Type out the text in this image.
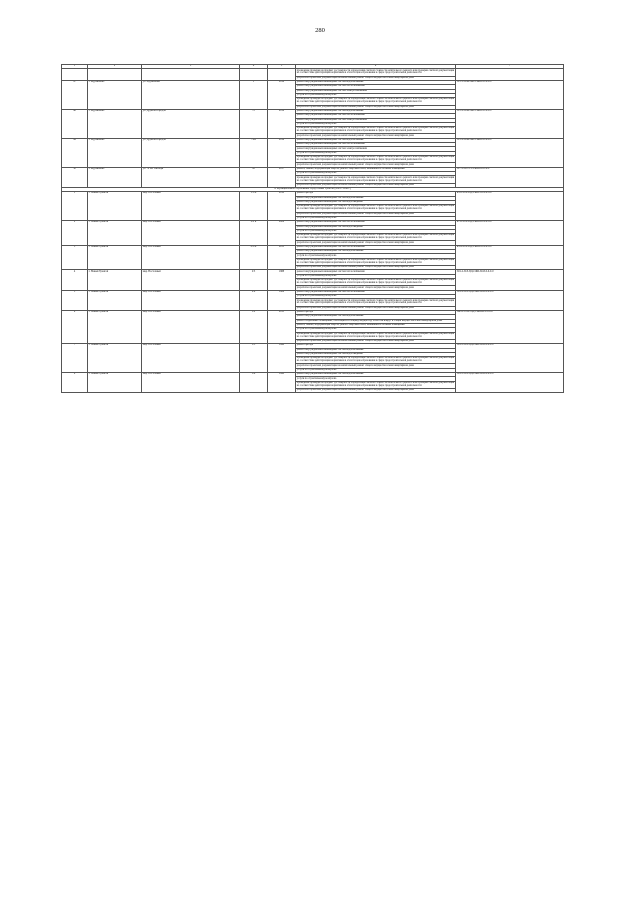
280
1	2	3	4	5	6	7
					проведение проверки на предмет достоверности определения сметной стоимости капитального ремонта или проверки сметной документации на соответствие действующим нормативам в области ценообразования в сфере градостроительной деятельности	
					разработка проектной документации на капитальный ремонт общего имущества в многоквартирном доме	
47	г. Муравленко	ул. Муравленко	1	2016	ремонт внутридомовых инженерных систем водоснабжения	П-3-1-Н-Ш-МП-СЖБ-0-0-0-0-0
					ремонт внутридомовых инженерных систем теплоснабжения	
					ремонт внутридомовых инженерных систем электроснабжения	
					услуги по строительному контролю	
					проведение проверки на предмет достоверности определения сметной стоимости капитального ремонта или проверки сметной документации на соответствие действующим нормативам в области ценообразования в сфере градостроительной деятельности	
					разработка проектной документации на капитальный ремонт общего имущества в многоквартирном доме	
48	г. Муравленко	ул. Дружбы Народов	72	2019	ремонт внутридомовых инженерных систем водоснабжения	П-3-2-Н-Ш-МП-СЖБ-0-0-0-0-0
					ремонт внутридомовых инженерных систем теплоснабжения	
					ремонт внутридомовых инженерных систем электроснабжения	
					услуги по строительному контролю	
					проведение проверки на предмет достоверности определения сметной стоимости капитального ремонта или проверки сметной документации на соответствие действующим нормативам в области ценообразования в сфере градостроительной деятельности	
					разработка проектной документации на капитальный ремонт общего имущества в многоквартирном доме	
49	г. Муравленко	ул. Дружбы Народов	74А	2016	ремонт внутридомовых инженерных систем водоснабжения	П-3-2-Н-Ш-МП-СЖБ-0-0-0-0-0
					ремонт внутридомовых инженерных систем теплоснабжения	
					ремонт внутридомовых инженерных систем электроснабжения	
					услуги по строительному контролю	
					проведение проверки на предмет достоверности определения сметной стоимости капитального ремонта или проверки сметной документации на соответствие действующим нормативам в области ценообразования в сфере градостроительной деятельности	
					разработка проектной документации на капитальный ремонт общего имущества в многоквартирном доме	
50	г. Муравленко	ул. 70 лет Октября	45	2017	ремонт, замена, модернизация лифтов, ремонт лифтовых шахт, машинных и блочных помещений	П-7-1-П-С-Т3-СЖБ-0-0-0-0-0
					услуги по строительному контролю	
					проведение проверки на предмет достоверности определения сметной стоимости капитального ремонта или проверки сметной документации на соответствие действующим нормативам в области ценообразования в сфере градостроительной деятельности	
					разработка проектной документации на капитальный ремонт общего имущества в многоквартирном доме	
8. Муниципальное образование город Новый Уренгой (2044 - 2046 г.)						
1	г. Новый Уренгой	мкр. Восточный	1/1 А	2010	ремонт фасада	Б-9-1-П-Р-ПД-СЖБ-5-8-0-0-0-0
					ремонт внутридомовых инженерных систем водоснабжения	
					ремонт внутридомовых инженерных систем водоотведения	
					проведение проверки на предмет достоверности определения сметной стоимости капитального ремонта или проверки сметной документации на соответствие действующим нормативам в области ценообразования в сфере градостроительной деятельности	
					разработка проектной документации на капитальный ремонт общего имущества в многоквартирном доме	
					услуги по строительному контролю	
2	г. Новый Уренгой	мкр. Восточный	2/2 Б	2006	ремонт внутридомовых инженерных систем теплоснабжения	Б-5-1-П-Р-ПД-СЖБ-9-0-0-0-0-0
					ремонт внутридомовых инженерных систем водоотведения	
					услуги по строительному контролю	
					проведение проверки на предмет достоверности определения сметной стоимости капитального ремонта или проверки сметной документации на соответствие действующим нормативам в области ценообразования в сфере градостроительной деятельности	
					разработка проектной документации на капитальный ремонт общего имущества в многоквартирном доме	
3	г. Новый Уренгой	мкр. Восточный	2/3 А	2011	ремонт внутридомовых инженерных систем теплоснабжения	Б-9-2-П-Р-ПД-СЖБ-0-0-0-0-0-0
					ремонт внутридомовых инженерных систем водоснабжения	
					услуги по строительному контролю	
					проведение проверки на предмет достоверности определения сметной стоимости капитального ремонта или проверки сметной документации на соответствие действующим нормативам в области ценообразования в сфере градостроительной деятельности	
					разработка проектной документации на капитальный ремонт общего имущества в многоквартирном доме	
4	г. Новый Уренгой	мкр. Восточный	2/5	1988	ремонт внутридомовых инженерных систем теплоснабжения	П-9-2-П-Р-ПД-СЖБ-П-М-0-0-0-0
					услуги по строительному контролю	
					проведение проверки на предмет достоверности определения сметной стоимости капитального ремонта или проверки сметной документации на соответствие действующим нормативам в области ценообразования в сфере градостроительной деятельности	
					разработка проектной документации на капитальный ремонт общего имущества в многоквартирном доме	
5	г. Новый Уренгой	мкр. Восточный	2/6	1989	ремонт внутридомовых инженерных систем теплоснабжения	П-9-2-П-Р-ПД-СЖБ-П-М-0-0-0-0
					услуги по строительному контролю	
					проведение проверки на предмет достоверности определения сметной стоимости капитального ремонта или проверки сметной документации на соответствие действующим нормативам в области ценообразования в сфере градостроительной деятельности	
					разработка проектной документации на капитальный ремонт общего имущества в многоквартирном доме	
6	г. Новый Уренгой	мкр. Восточный	3/2	2013	ремонт фасада	ПК-9-3-П-Р-ПД-СЖБ-Ш-0-0-0-0
					ремонт внутридомовых инженерных систем водоснабжения	
					ремонт подвальных помещений, относящихся к общему имуществу, отмостки вокруг в общем имуществе в многоквартирном доме	
					ремонт, замена, модернизация лифтов, ремонт лифтовых шахт, машинных и блочных помещений	
					услуги по строительному контролю	
					проведение проверки на предмет достоверности определения сметной стоимости капитального ремонта или проверки сметной документации на соответствие действующим нормативам в области ценообразования в сфере градостроительной деятельности	
					разработка проектной документации на капитальный ремонт общего имущества в многоквартирном доме	
7	г. Новый Уренгой	мкр. Восточный	3/5	1990	ремонт фасада	П-9-3-П-Р-ПД-СЖБ-П-М-0-0-0-0
					ремонт внутридомовых инженерных систем водоснабжения	
					ремонт внутридомовых инженерных систем водоотведения	
					проведение проверки на предмет достоверности определения сметной стоимости капитального ремонта или проверки сметной документации на соответствие действующим нормативам в области ценообразования в сфере градостроительной деятельности	
					разработка проектной документации на капитальный ремонт общего имущества в многоквартирном доме	
					услуги по строительному контролю	
8	г. Новый Уренгой	мкр. Восточный	3/4	1990	ремонт внутридомовых инженерных систем водоснабжения	П-9-3-П-Р-ПД-СЖБ-П-М-0-0-0-0
					услуги по строительному контролю	
					проведение проверки на предмет достоверности определения сметной стоимости капитального ремонта или проверки сметной документации на соответствие действующим нормативам в области ценообразования в сфере градостроительной деятельности	
					разработка проектной документации на капитальный ремонт общего имущества в многоквартирном доме	
